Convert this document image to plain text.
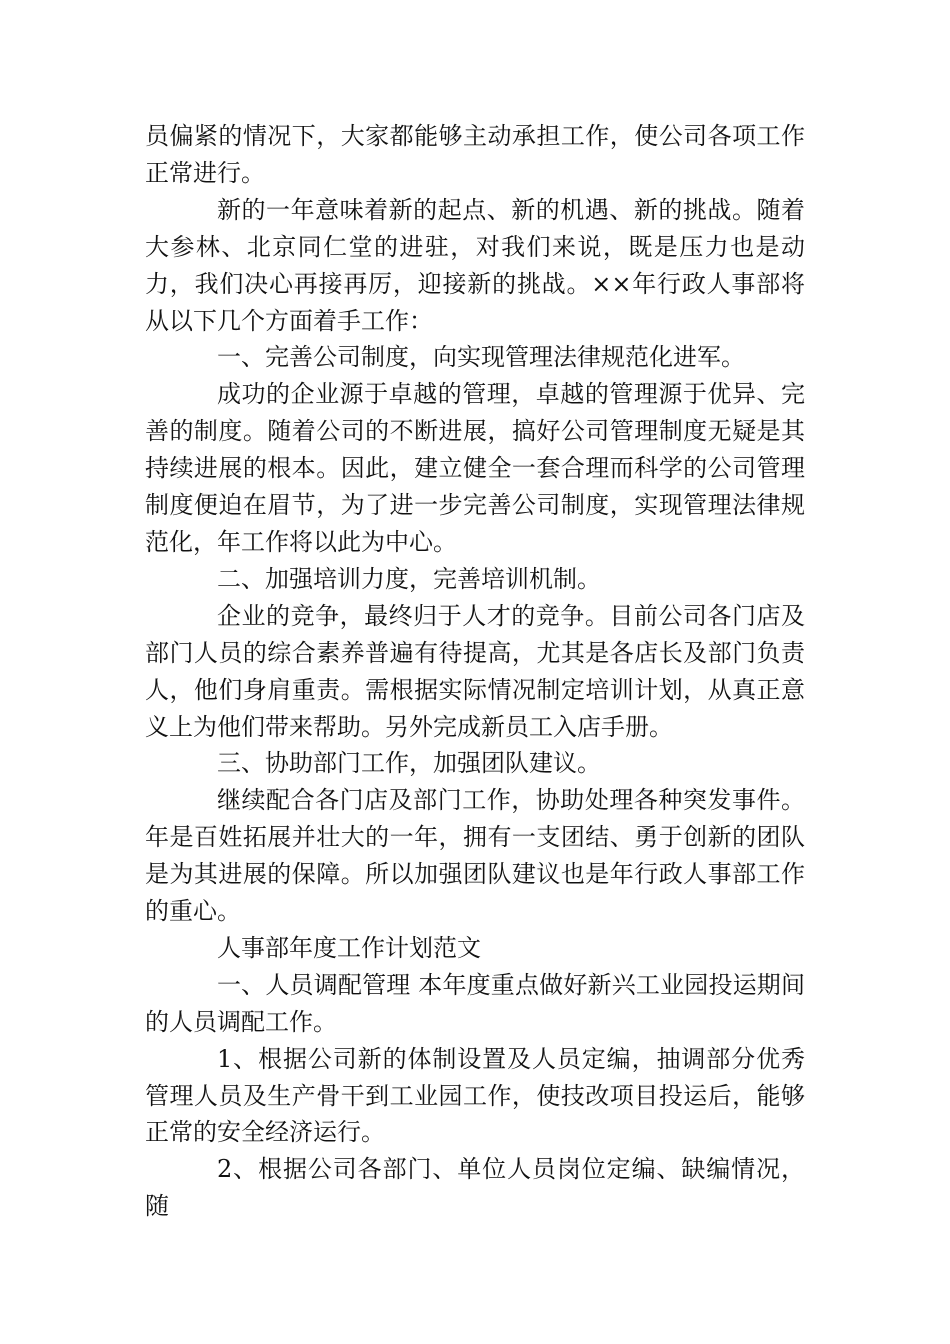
员偏紧的情况下，大家都能够主动承担工作，使公司各项工作正常进行。

新的一年意味着新的起点、新的机遇、新的挑战。随着大参林、北京同仁堂的进驻，对我们来说，既是压力也是动力，我们决心再接再厉，迎接新的挑战。××年行政人事部将从以下几个方面着手工作：

一、完善公司制度，向实现管理法律规范化进军。

成功的企业源于卓越的管理，卓越的管理源于优异、完善的制度。随着公司的不断进展，搞好公司管理制度无疑是其持续进展的根本。因此，建立健全一套合理而科学的公司管理制度便迫在眉节，为了进一步完善公司制度，实现管理法律规范化，年工作将以此为中心。

二、加强培训力度，完善培训机制。

企业的竞争，最终归于人才的竞争。目前公司各门店及部门人员的综合素养普遍有待提高，尤其是各店长及部门负责人，他们身肩重责。需根据实际情况制定培训计划，从真正意义上为他们带来帮助。另外完成新员工入店手册。

三、协助部门工作，加强团队建议。

继续配合各门店及部门工作，协助处理各种突发事件。年是百姓拓展并壮大的一年，拥有一支团结、勇于创新的团队是为其进展的保障。所以加强团队建议也是年行政人事部工作的重心。

人事部年度工作计划范文

一、人员调配管理 本年度重点做好新兴工业园投运期间的人员调配工作。

1、根据公司新的体制设置及人员定编，抽调部分优秀管理人员及生产骨干到工业园工作，使技改项目投运后，能够正常的安全经济运行。

2、根据公司各部门、单位人员岗位定编、缺编情况，随
